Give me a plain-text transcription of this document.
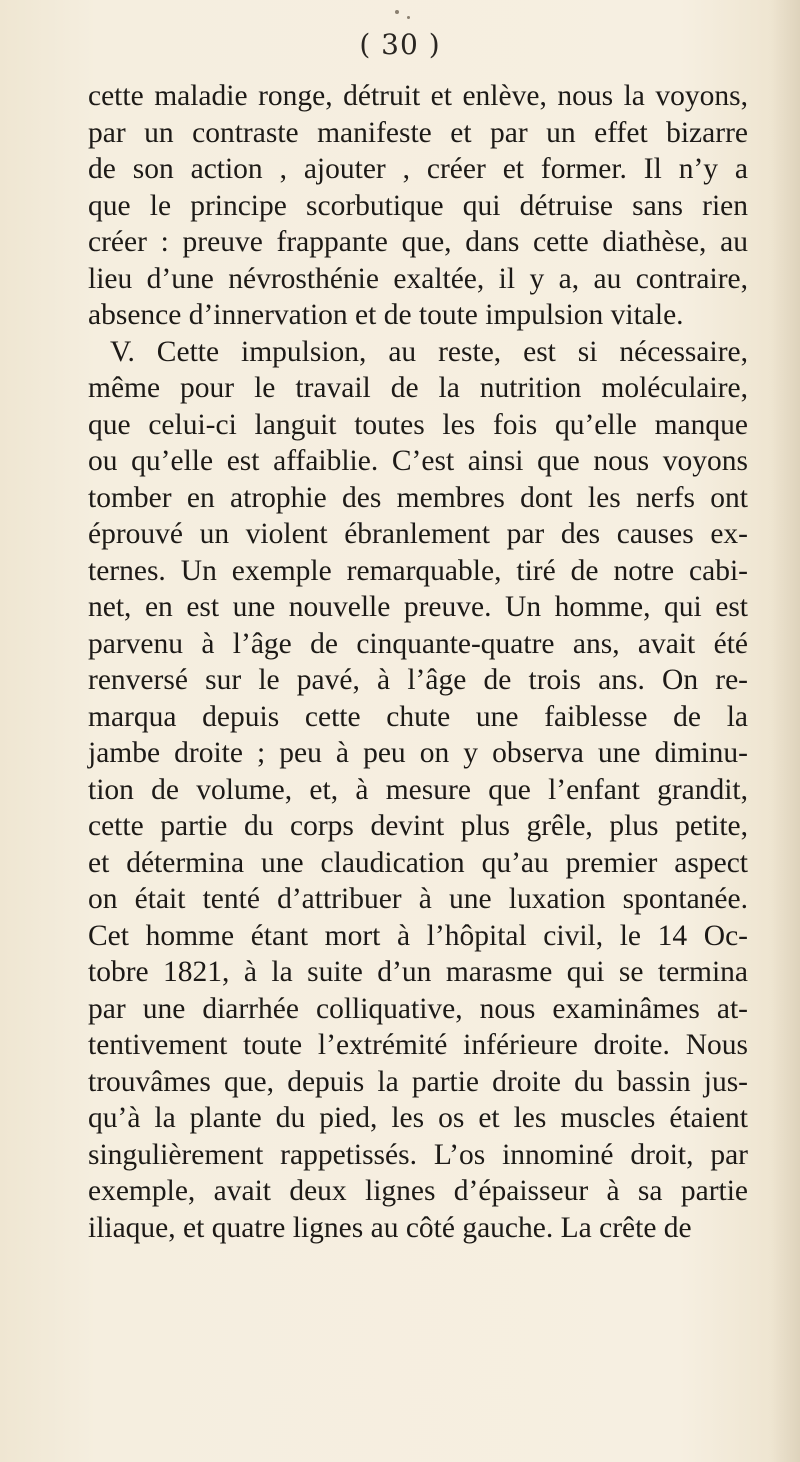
( 30 )
cette maladie ronge, détruit et enlève, nous la voyons,
par un contraste manifeste et par un effet bizarre
de son action , ajouter , créer et former. Il n’y a
que le principe scorbutique qui détruise sans rien
créer : preuve frappante que, dans cette diathèse, au
lieu d’une névrosthénie exaltée, il y a, au contraire,
absence d’innervation et de toute impulsion vitale.
V. Cette impulsion, au reste, est si nécessaire,
même pour le travail de la nutrition moléculaire,
que celui-ci languit toutes les fois qu’elle manque
ou qu’elle est affaiblie. C’est ainsi que nous voyons
tomber en atrophie des membres dont les nerfs ont
éprouvé un violent ébranlement par des causes ex-
ternes. Un exemple remarquable, tiré de notre cabi-
net, en est une nouvelle preuve. Un homme, qui est
parvenu à l’âge de cinquante-quatre ans, avait été
renversé sur le pavé, à l’âge de trois ans. On re-
marqua depuis cette chute une faiblesse de la
jambe droite ; peu à peu on y observa une diminu-
tion de volume, et, à mesure que l’enfant grandit,
cette partie du corps devint plus grêle, plus petite,
et détermina une claudication qu’au premier aspect
on était tenté d’attribuer à une luxation spontanée.
Cet homme étant mort à l’hôpital civil, le 14 Oc-
tobre 1821, à la suite d’un marasme qui se termina
par une diarrhée colliquative, nous examinâmes at-
tentivement toute l’extrémité inférieure droite. Nous
trouvâmes que, depuis la partie droite du bassin jus-
qu’à la plante du pied, les os et les muscles étaient
singulièrement rappetissés. L’os innominé droit, par
exemple, avait deux lignes d’épaisseur à sa partie
iliaque, et quatre lignes au côté gauche. La crête de
